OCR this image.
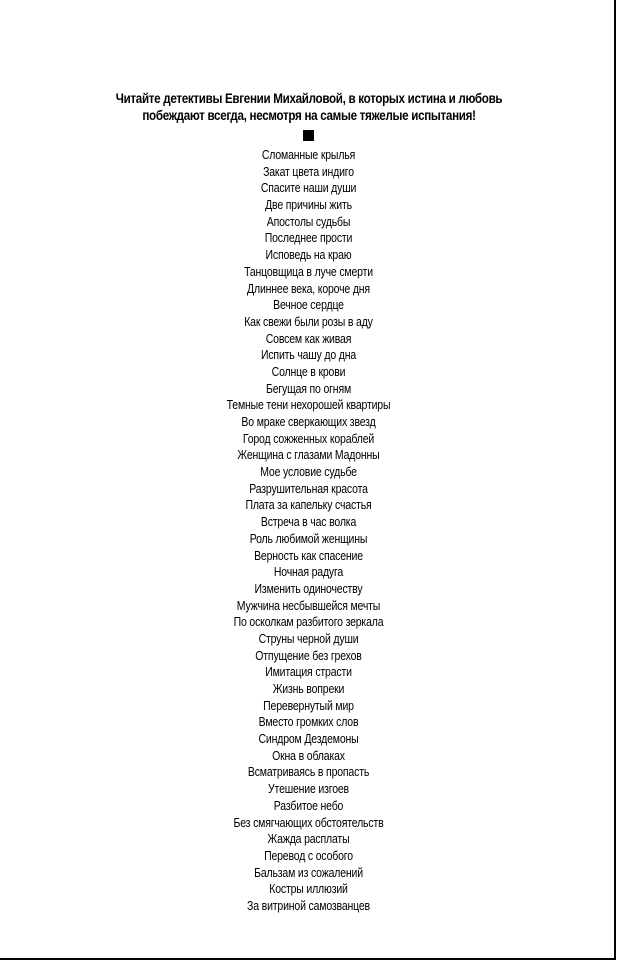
Читайте детективы Евгении Михайловой, в которых истина и любовь
побеждают всегда, несмотря на самые тяжелые испытания!
Сломанные крылья
Закат цвета индиго
Спасите наши души
Две причины жить
Апостолы судьбы
Последнее прости
Исповедь на краю
Танцовщица в луче смерти
Длиннее века, короче дня
Вечное сердце
Как свежи были розы в аду
Совсем как живая
Испить чашу до дна
Солнце в крови
Бегущая по огням
Темные тени нехорошей квартиры
Во мраке сверкающих звезд
Город сожженных кораблей
Женщина с глазами Мадонны
Мое условие судьбе
Разрушительная красота
Плата за капельку счастья
Встреча в час волка
Роль любимой женщины
Верность как спасение
Ночная радуга
Изменить одиночеству
Мужчина несбывшейся мечты
По осколкам разбитого зеркала
Струны черной души
Отпущение без грехов
Имитация страсти
Жизнь вопреки
Перевернутый мир
Вместо громких слов
Синдром Дездемоны
Окна в облаках
Всматриваясь в пропасть
Утешение изгоев
Разбитое небо
Без смягчающих обстоятельств
Жажда расплаты
Перевод с особого
Бальзам из сожалений
Костры иллюзий
За витриной самозванцев
